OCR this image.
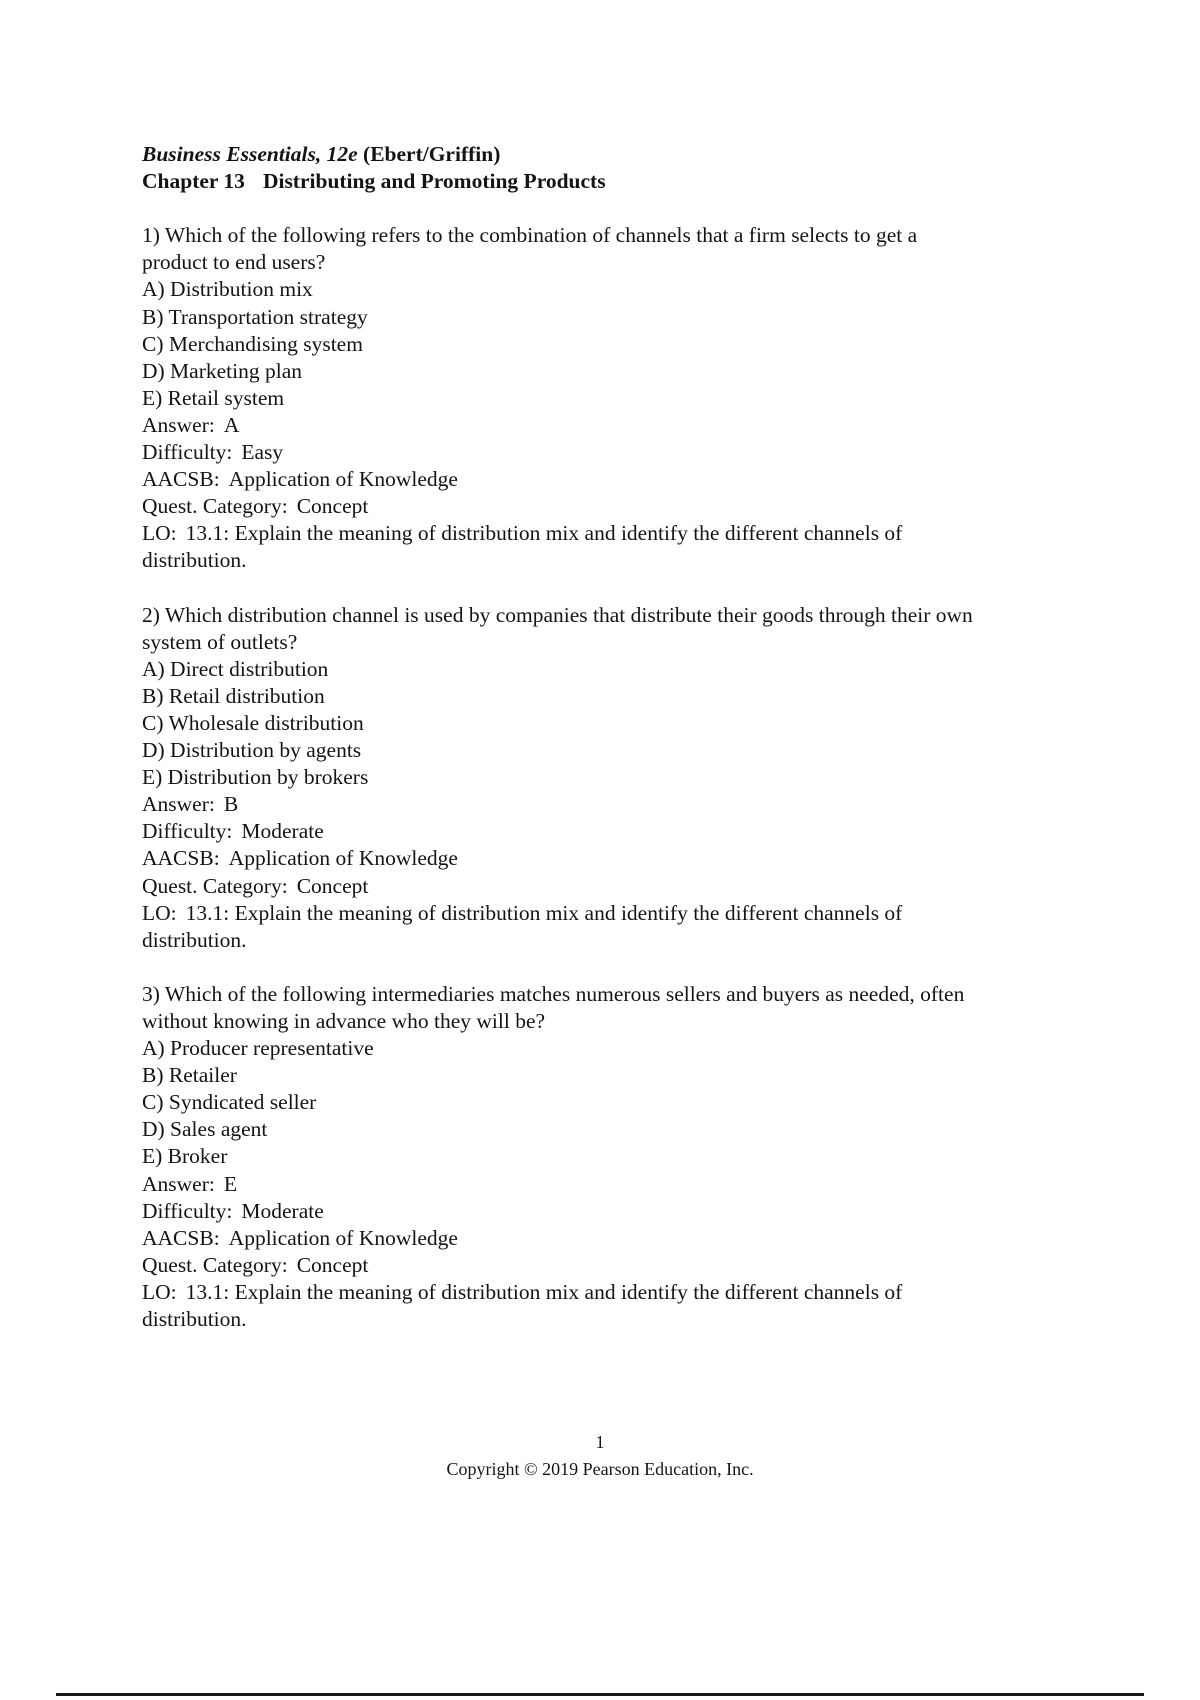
Business Essentials, 12e (Ebert/Griffin)
Chapter 13 Distributing and Promoting Products
1) Which of the following refers to the combination of channels that a firm selects to get a
product to end users?
A) Distribution mix
B) Transportation strategy
C) Merchandising system
D) Marketing plan
E) Retail system
Answer: A
Difficulty: Easy
AACSB: Application of Knowledge
Quest. Category: Concept
LO: 13.1: Explain the meaning of distribution mix and identify the different channels of
distribution.
2) Which distribution channel is used by companies that distribute their goods through their own
system of outlets?
A) Direct distribution
B) Retail distribution
C) Wholesale distribution
D) Distribution by agents
E) Distribution by brokers
Answer: B
Difficulty: Moderate
AACSB: Application of Knowledge
Quest. Category: Concept
LO: 13.1: Explain the meaning of distribution mix and identify the different channels of
distribution.
3) Which of the following intermediaries matches numerous sellers and buyers as needed, often
without knowing in advance who they will be?
A) Producer representative
B) Retailer
C) Syndicated seller
D) Sales agent
E) Broker
Answer: E
Difficulty: Moderate
AACSB: Application of Knowledge
Quest. Category: Concept
LO: 13.1: Explain the meaning of distribution mix and identify the different channels of
distribution.
1
Copyright © 2019 Pearson Education, Inc.
